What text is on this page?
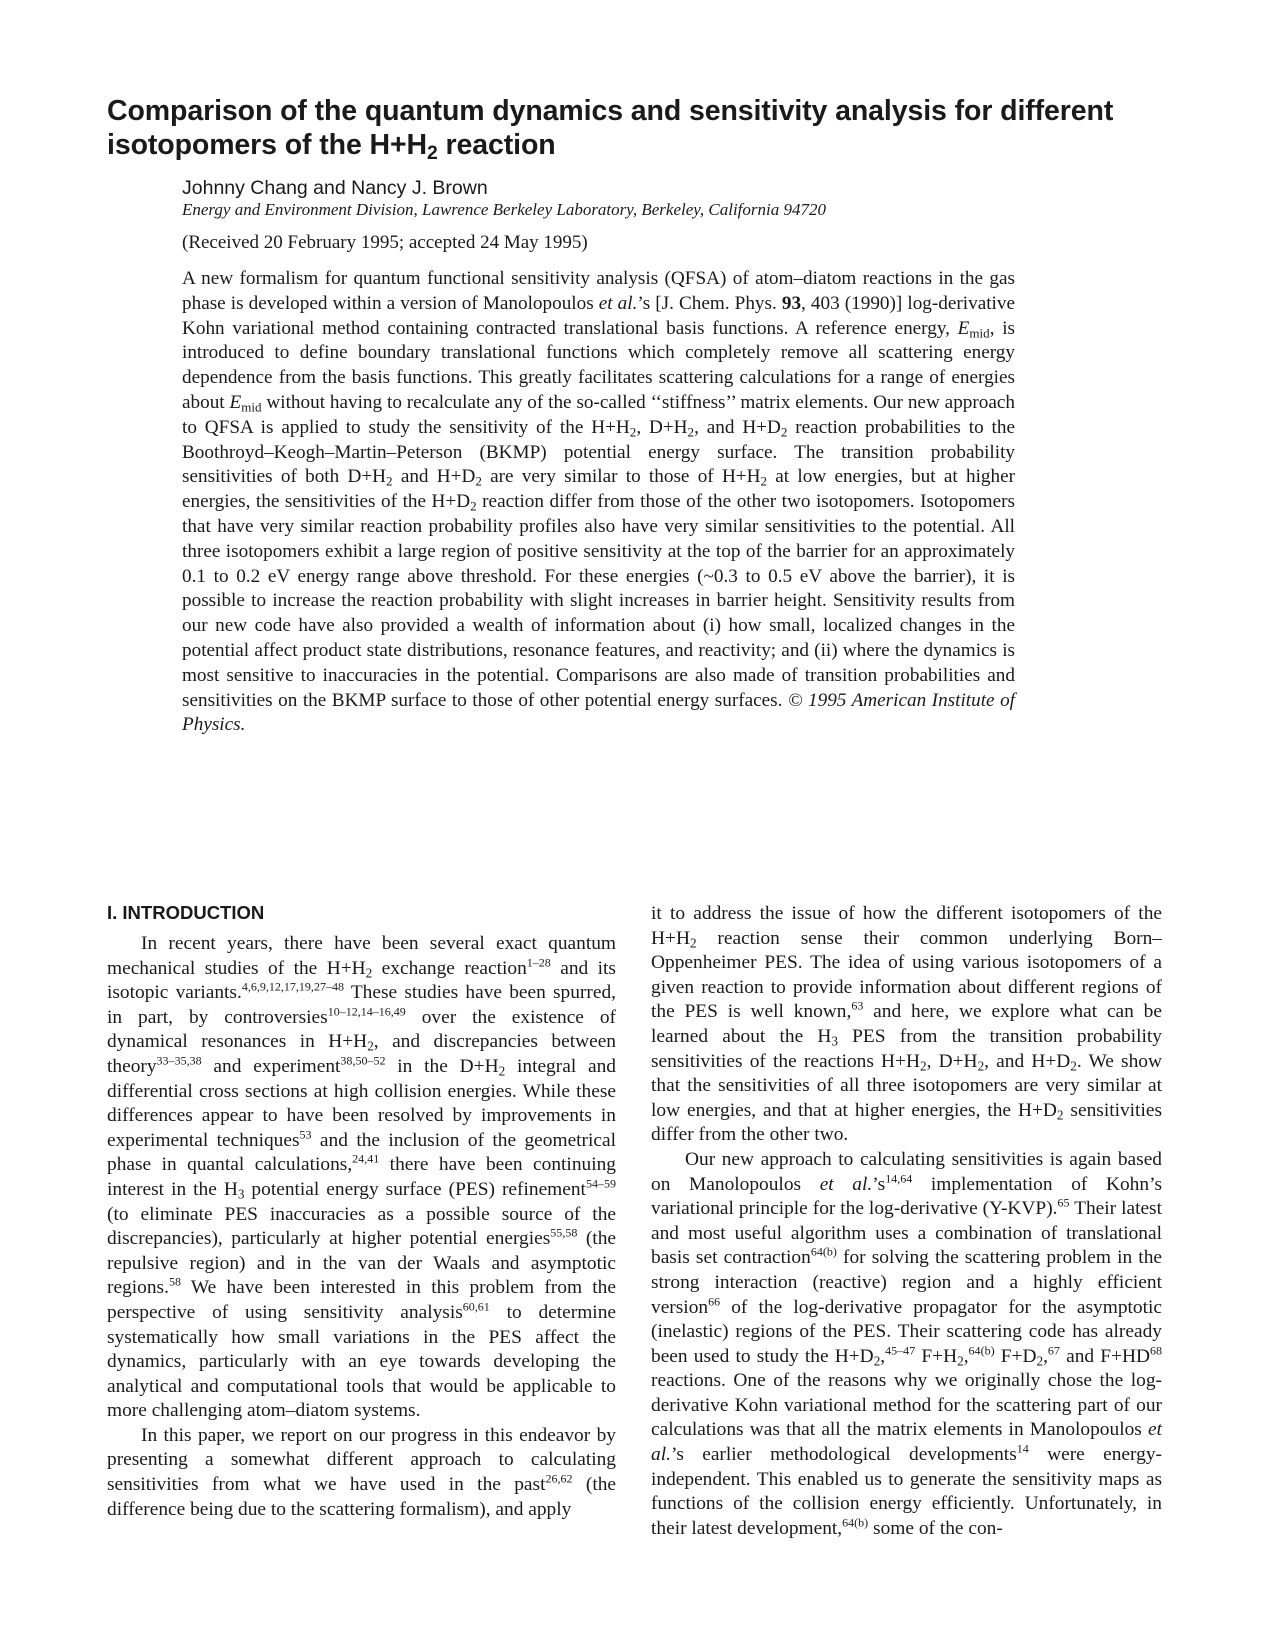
Comparison of the quantum dynamics and sensitivity analysis for different isotopomers of the $H+H_2$ reaction
Johnny Chang and Nancy J. Brown
Energy and Environment Division, Lawrence Berkeley Laboratory, Berkeley, California 94720
(Received 20 February 1995; accepted 24 May 1995)

A new formalism for quantum functional sensitivity analysis (QFSA) of atom–diatom reactions in the gas phase is developed within a version of Manolopoulos et al.’s [J. Chem. Phys. 93, 403 (1990)] log-derivative Kohn variational method containing contracted translational basis functions. A reference energy, $E_{mid}$, is introduced to define boundary translational functions which completely remove all scattering energy dependence from the basis functions. This greatly facilitates scattering calculations for a range of energies about $E_{mid}$ without having to recalculate any of the so-called ‘‘stiffness’’ matrix elements. Our new approach to QFSA is applied to study the sensitivity of the $H+H_2$, $D+H_2$, and $H+D_2$ reaction probabilities to the Boothroyd–Keogh–Martin–Peterson (BKMP) potential energy surface. The transition probability sensitivities of both $D+H_2$ and $H+D_2$ are very similar to those of $H+H_2$ at low energies, but at higher energies, the sensitivities of the $H+D_2$ reaction differ from those of the other two isotopomers. Isotopomers that have very similar reaction probability profiles also have very similar sensitivities to the potential. All three isotopomers exhibit a large region of positive sensitivity at the top of the barrier for an approximately 0.1 to 0.2 eV energy range above threshold. For these energies (~0.3 to 0.5 eV above the barrier), it is possible to increase the reaction probability with slight increases in barrier height. Sensitivity results from our new code have also provided a wealth of information about (i) how small, localized changes in the potential affect product state distributions, resonance features, and reactivity; and (ii) where the dynamics is most sensitive to inaccuracies in the potential. Comparisons are also made of transition probabilities and sensitivities on the BKMP surface to those of other potential energy surfaces. © 1995 American Institute of Physics.

I. INTRODUCTION

In recent years, there have been several exact quantum mechanical studies of the $H+H_2$ exchange reaction$^{1-28}$ and its isotopic variants.$^{4,6,9,12,17,19,27-48}$ These studies have been spurred, in part, by controversies$^{10-12,14-16,49}$ over the existence of dynamical resonances in $H+H_2$, and discrepancies between theory$^{33-35,38}$ and experiment$^{38,50-52}$ in the $D+H_2$ integral and differential cross sections at high collision energies. While these differences appear to have been resolved by improvements in experimental techniques$^{53}$ and the inclusion of the geometrical phase in quantal calculations,$^{24,41}$ there have been continuing interest in the $H_3$ potential energy surface (PES) refinement$^{54-59}$ (to eliminate PES inaccuracies as a possible source of the discrepancies), particularly at higher potential energies$^{55,58}$ (the repulsive region) and in the van der Waals and asymptotic regions.$^{58}$ We have been interested in this problem from the perspective of using sensitivity analysis$^{60,61}$ to determine systematically how small variations in the PES affect the dynamics, particularly with an eye towards developing the analytical and computational tools that would be applicable to more challenging atom–diatom systems.

In this paper, we report on our progress in this endeavor by presenting a somewhat different approach to calculating sensitivities from what we have used in the past$^{26,62}$ (the difference being due to the scattering formalism), and apply

it to address the issue of how the different isotopomers of the $H+H_2$ reaction sense their common underlying Born–Oppenheimer PES. The idea of using various isotopomers of a given reaction to provide information about different regions of the PES is well known,$^{63}$ and here, we explore what can be learned about the $H_3$ PES from the transition probability sensitivities of the reactions $H+H_2$, $D+H_2$, and $H+D_2$. We show that the sensitivities of all three isotopomers are very similar at low energies, and that at higher energies, the $H+D_2$ sensitivities differ from the other two.

Our new approach to calculating sensitivities is again based on Manolopoulos et $al.’s^{14,64}$ implementation of Kohn’s variational principle for the log-derivative (Y-KVP).$^{65}$ Their latest and most useful algorithm uses a combination of translational basis set contraction$^{64(b)}$ for solving the scattering problem in the strong interaction (reactive) region and a highly efficient version$^{66}$ of the log-derivative propagator for the asymptotic (inelastic) regions of the PES. Their scattering code has already been used to study the $H+D_2,^{45-47}$ $F+H_2,^{64(b)}$ $F+D_2,^{67}$ and $F+HD^{68}$ reactions. One of the reasons why we originally chose the log-derivative Kohn variational method for the scattering part of our calculations was that all the matrix elements in Manolopoulos et al.’s earlier methodological developments$^{14}$ were energy-independent. This enabled us to generate the sensitivity maps as functions of the collision energy efficiently. Unfortunately, in their latest development,$^{64(b)}$ some of the con-
